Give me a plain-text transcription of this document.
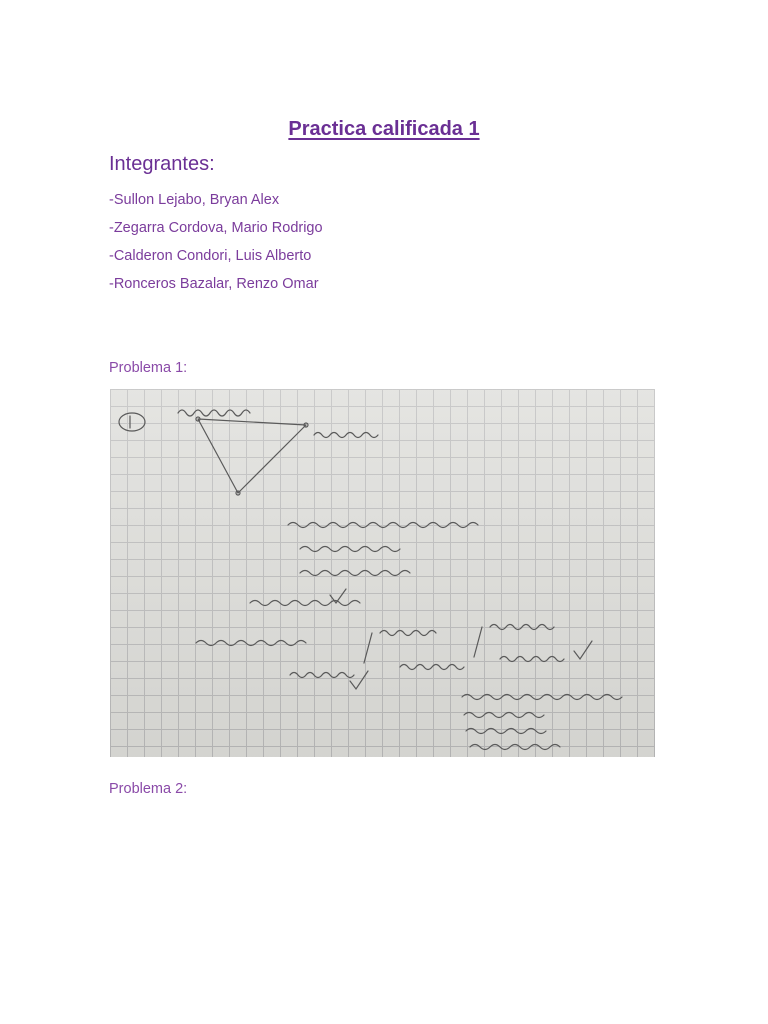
Practica calificada 1
Integrantes:
-Sullon Lejabo, Bryan Alex
-Zegarra Cordova, Mario Rodrigo
-Calderon Condori, Luis Alberto
-Ronceros Bazalar, Renzo Omar
Problema 1:
Problema 2:
